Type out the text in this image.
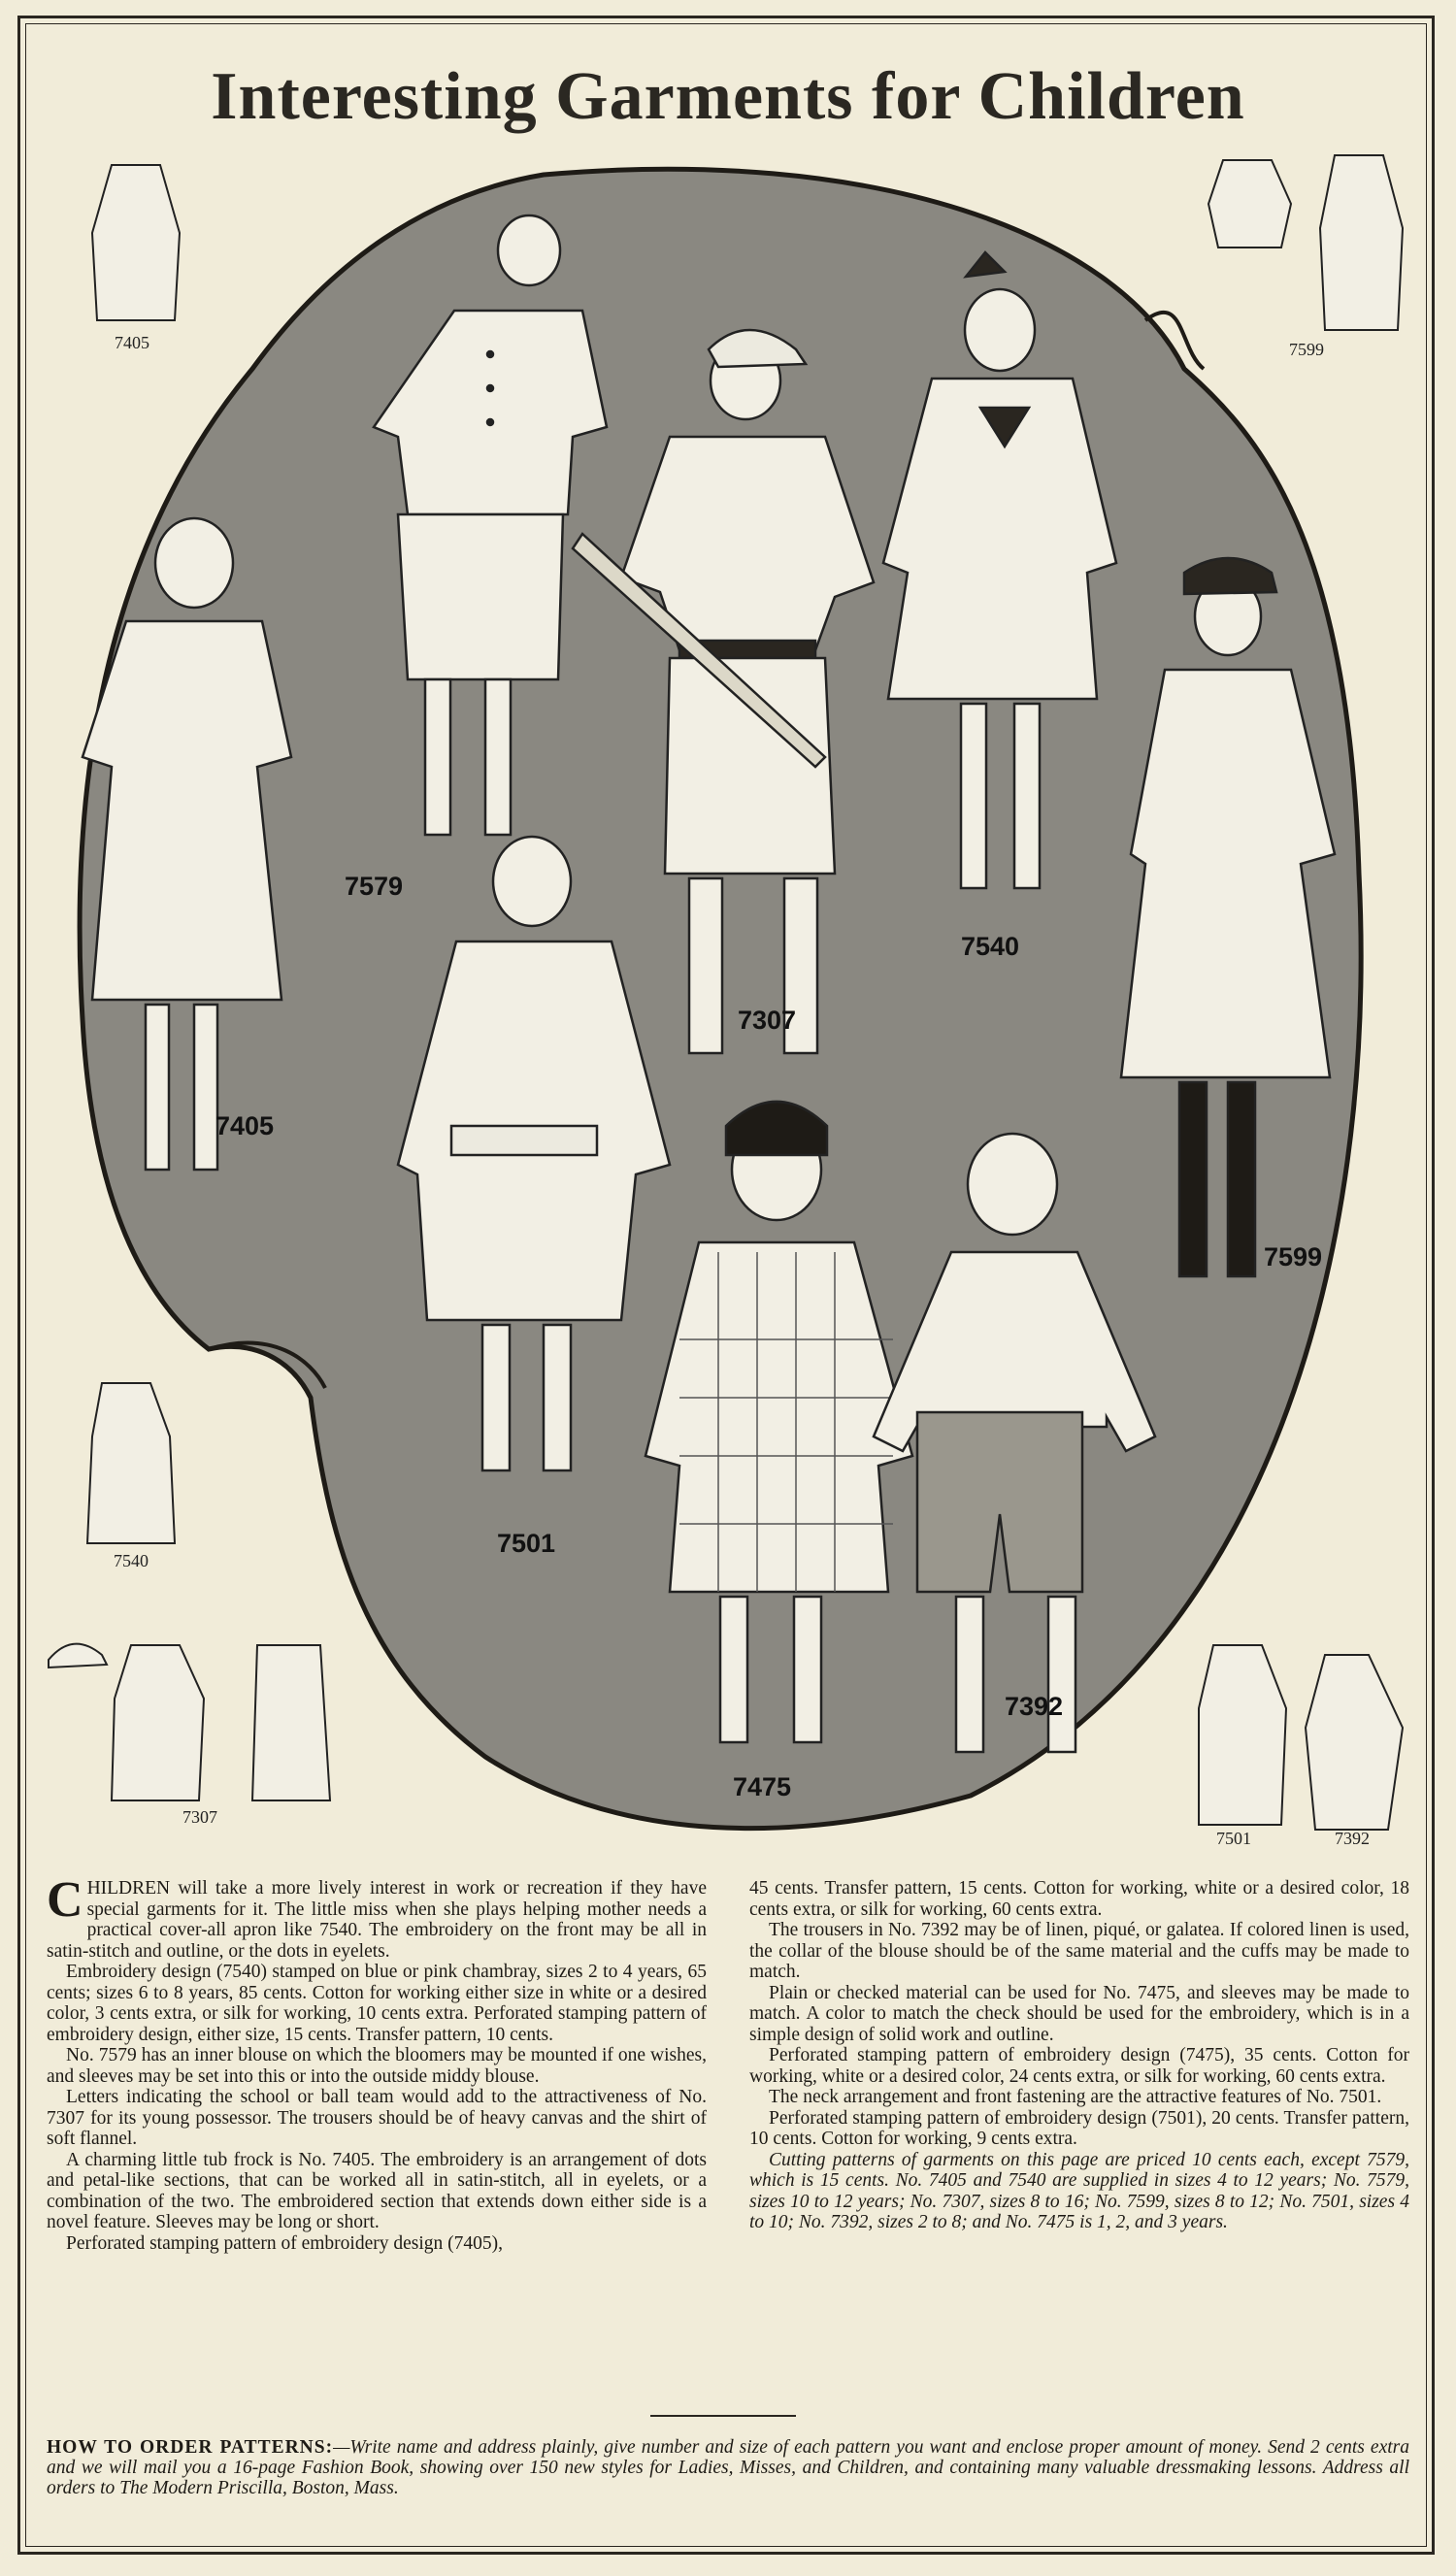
Interesting Garments for Children
7579
7307
7540
7405
7599
7501
7475
7392
7405	7599
7540
7307
7501	7392

CHILDREN will take a more lively interest in work or recreation if they have special garments for it. The little miss when she plays helping mother needs a practical cover-all apron like 7540. The embroidery on the front may be all in satin-stitch and outline, or the dots in eyelets.

Embroidery design (7540) stamped on blue or pink chambray, sizes 2 to 4 years, 65 cents; sizes 6 to 8 years, 85 cents. Cotton for working either size in white or a desired color, 3 cents extra, or silk for working, 10 cents extra. Perforated stamping pattern of embroidery design, either size, 15 cents. Transfer pattern, 10 cents.

No. 7579 has an inner blouse on which the bloomers may be mounted if one wishes, and sleeves may be set into this or into the outside middy blouse.

Letters indicating the school or ball team would add to the attractiveness of No. 7307 for its young possessor. The trousers should be of heavy canvas and the shirt of soft flannel.

A charming little tub frock is No. 7405. The embroidery is an arrangement of dots and petal-like sections, that can be worked all in satin-stitch, all in eyelets, or a combination of the two. The embroidered section that extends down either side is a novel feature. Sleeves may be long or short.

Perforated stamping pattern of embroidery design (7405),

45 cents. Transfer pattern, 15 cents. Cotton for working, white or a desired color, 18 cents extra, or silk for working, 60 cents extra.

The trousers in No. 7392 may be of linen, piqué, or galatea. If colored linen is used, the collar of the blouse should be of the same material and the cuffs may be made to match.

Plain or checked material can be used for No. 7475, and sleeves may be made to match. A color to match the check should be used for the embroidery, which is in a simple design of solid work and outline.

Perforated stamping pattern of embroidery design (7475), 35 cents. Cotton for working, white or a desired color, 24 cents extra, or silk for working, 60 cents extra.

The neck arrangement and front fastening are the attractive features of No. 7501.

Perforated stamping pattern of embroidery design (7501), 20 cents. Transfer pattern, 10 cents. Cotton for working, 9 cents extra.

Cutting patterns of garments on this page are priced 10 cents each, except 7579, which is 15 cents. No. 7405 and 7540 are supplied in sizes 4 to 12 years; No. 7579, sizes 10 to 12 years; No. 7307, sizes 8 to 16; No. 7599, sizes 8 to 12; No. 7501, sizes 4 to 10; No. 7392, sizes 2 to 8; and No. 7475 is 1, 2, and 3 years.

HOW TO ORDER PATTERNS:—Write name and address plainly, give number and size of each pattern you want and enclose proper amount of money. Send 2 cents extra and we will mail you a 16-page Fashion Book, showing over 150 new styles for Ladies, Misses, and Children, and containing many valuable dressmaking lessons. Address all orders to The Modern Priscilla, Boston, Mass.
